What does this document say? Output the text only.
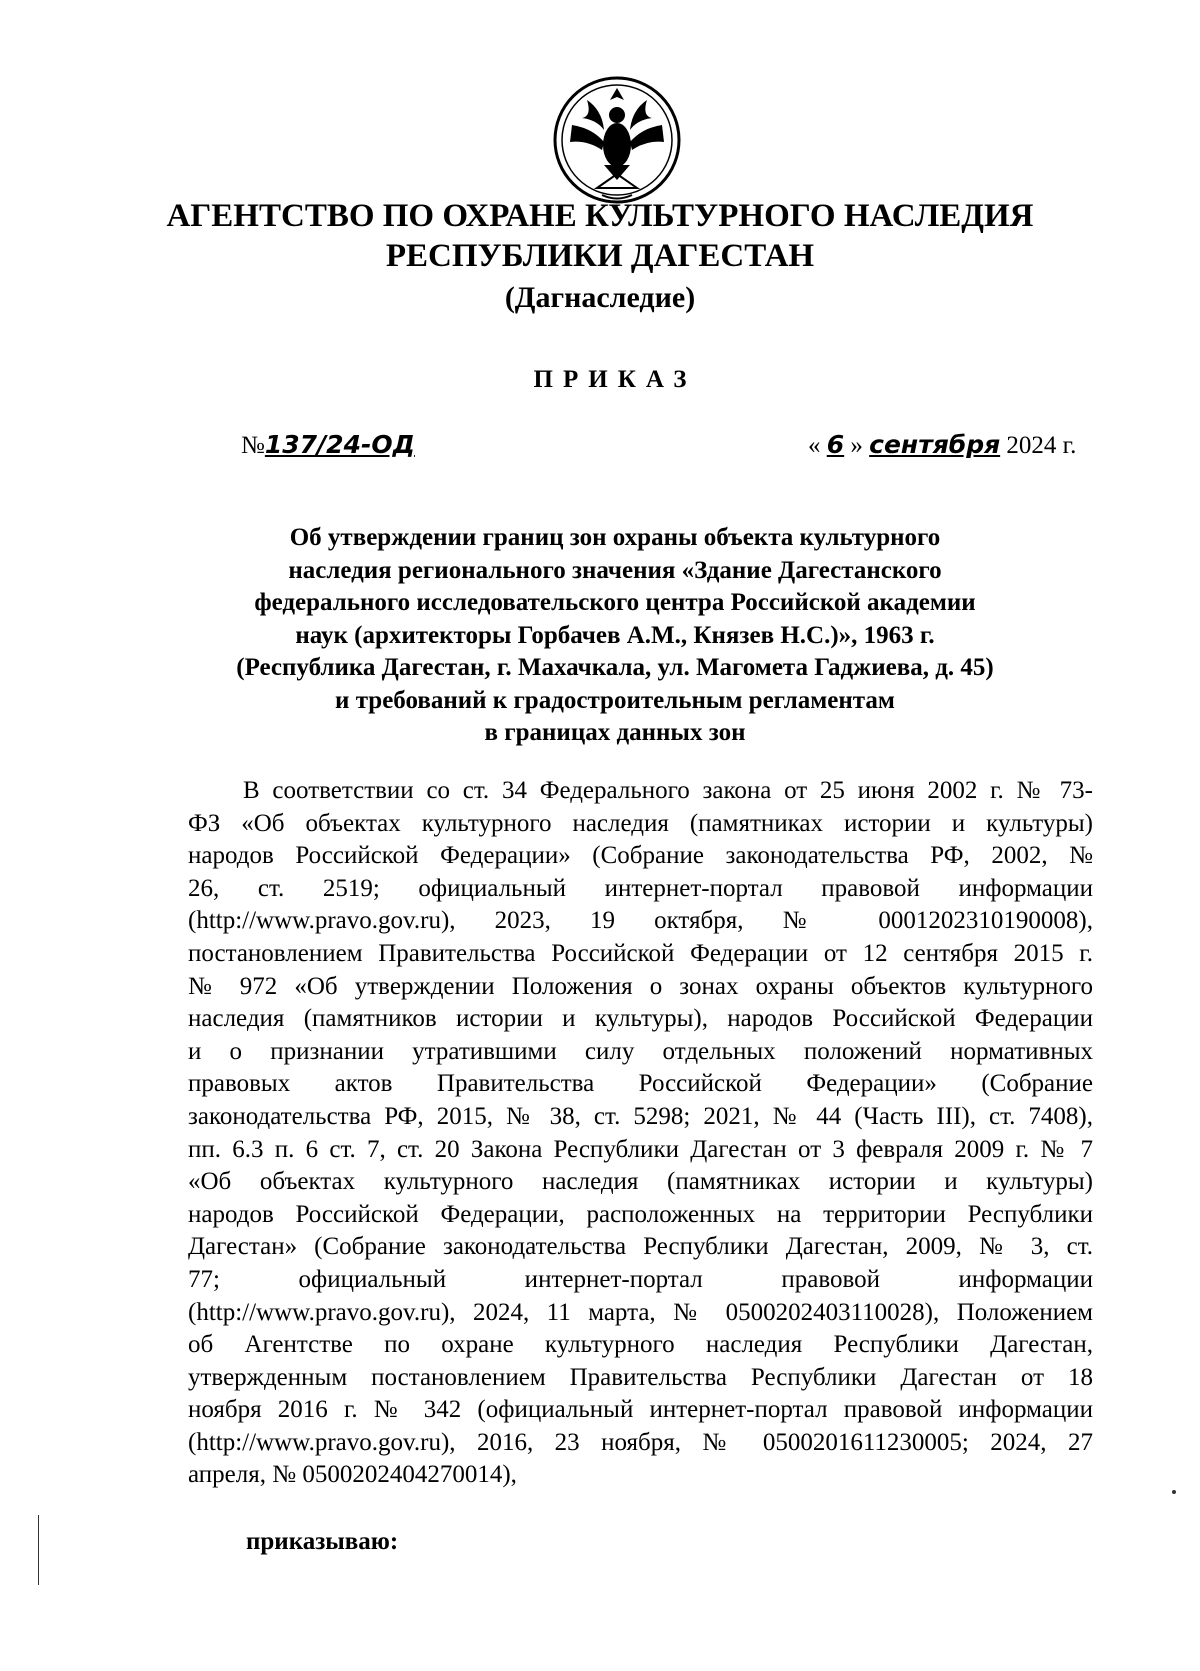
АГЕНТСТВО ПО ОХРАНЕ КУЛЬТУРНОГО НАСЛЕДИЯ
РЕСПУБЛИКИ ДАГЕСТАН
(Дагнаследие)
ПРИКАЗ
№137/24-ОД	« 6 » сентября 2024 г.
Об утверждении границ зон охраны объекта культурного
наследия регионального значения «Здание Дагестанского
федерального исследовательского центра Российской академии
наук (архитекторы Горбачев А.М., Князев Н.С.)», 1963 г.
(Республика Дагестан, г. Махачкала, ул. Магомета Гаджиева, д. 45)
и требований к градостроительным регламентам
в границах данных зон
В соответствии со ст. 34 Федерального закона от 25 июня 2002 г. № 73-
ФЗ «Об объектах культурного наследия (памятниках истории и культуры)
народов Российской Федерации» (Собрание законодательства РФ, 2002, №
26, ст. 2519; официальный интернет-портал правовой информации
(http://www.pravo.gov.ru), 2023, 19 октября, № 0001202310190008),
постановлением Правительства Российской Федерации от 12 сентября 2015 г.
№ 972 «Об утверждении Положения о зонах охраны объектов культурного
наследия (памятников истории и культуры), народов Российской Федерации
и о признании утратившими силу отдельных положений нормативных
правовых актов Правительства Российской Федерации» (Собрание
законодательства РФ, 2015, № 38, ст. 5298; 2021, № 44 (Часть III), ст. 7408),
пп. 6.3 п. 6 ст. 7, ст. 20 Закона Республики Дагестан от 3 февраля 2009 г. № 7
«Об объектах культурного наследия (памятниках истории и культуры)
народов Российской Федерации, расположенных на территории Республики
Дагестан» (Собрание законодательства Республики Дагестан, 2009, № 3, ст.
77; официальный интернет-портал правовой информации
(http://www.pravo.gov.ru), 2024, 11 марта, № 0500202403110028), Положением
об Агентстве по охране культурного наследия Республики Дагестан,
утвержденным постановлением Правительства Республики Дагестан от 18
ноября 2016 г. № 342 (официальный интернет-портал правовой информации
(http://www.pravo.gov.ru), 2016, 23 ноября, № 0500201611230005; 2024, 27
апреля, № 0500202404270014),
приказываю:
